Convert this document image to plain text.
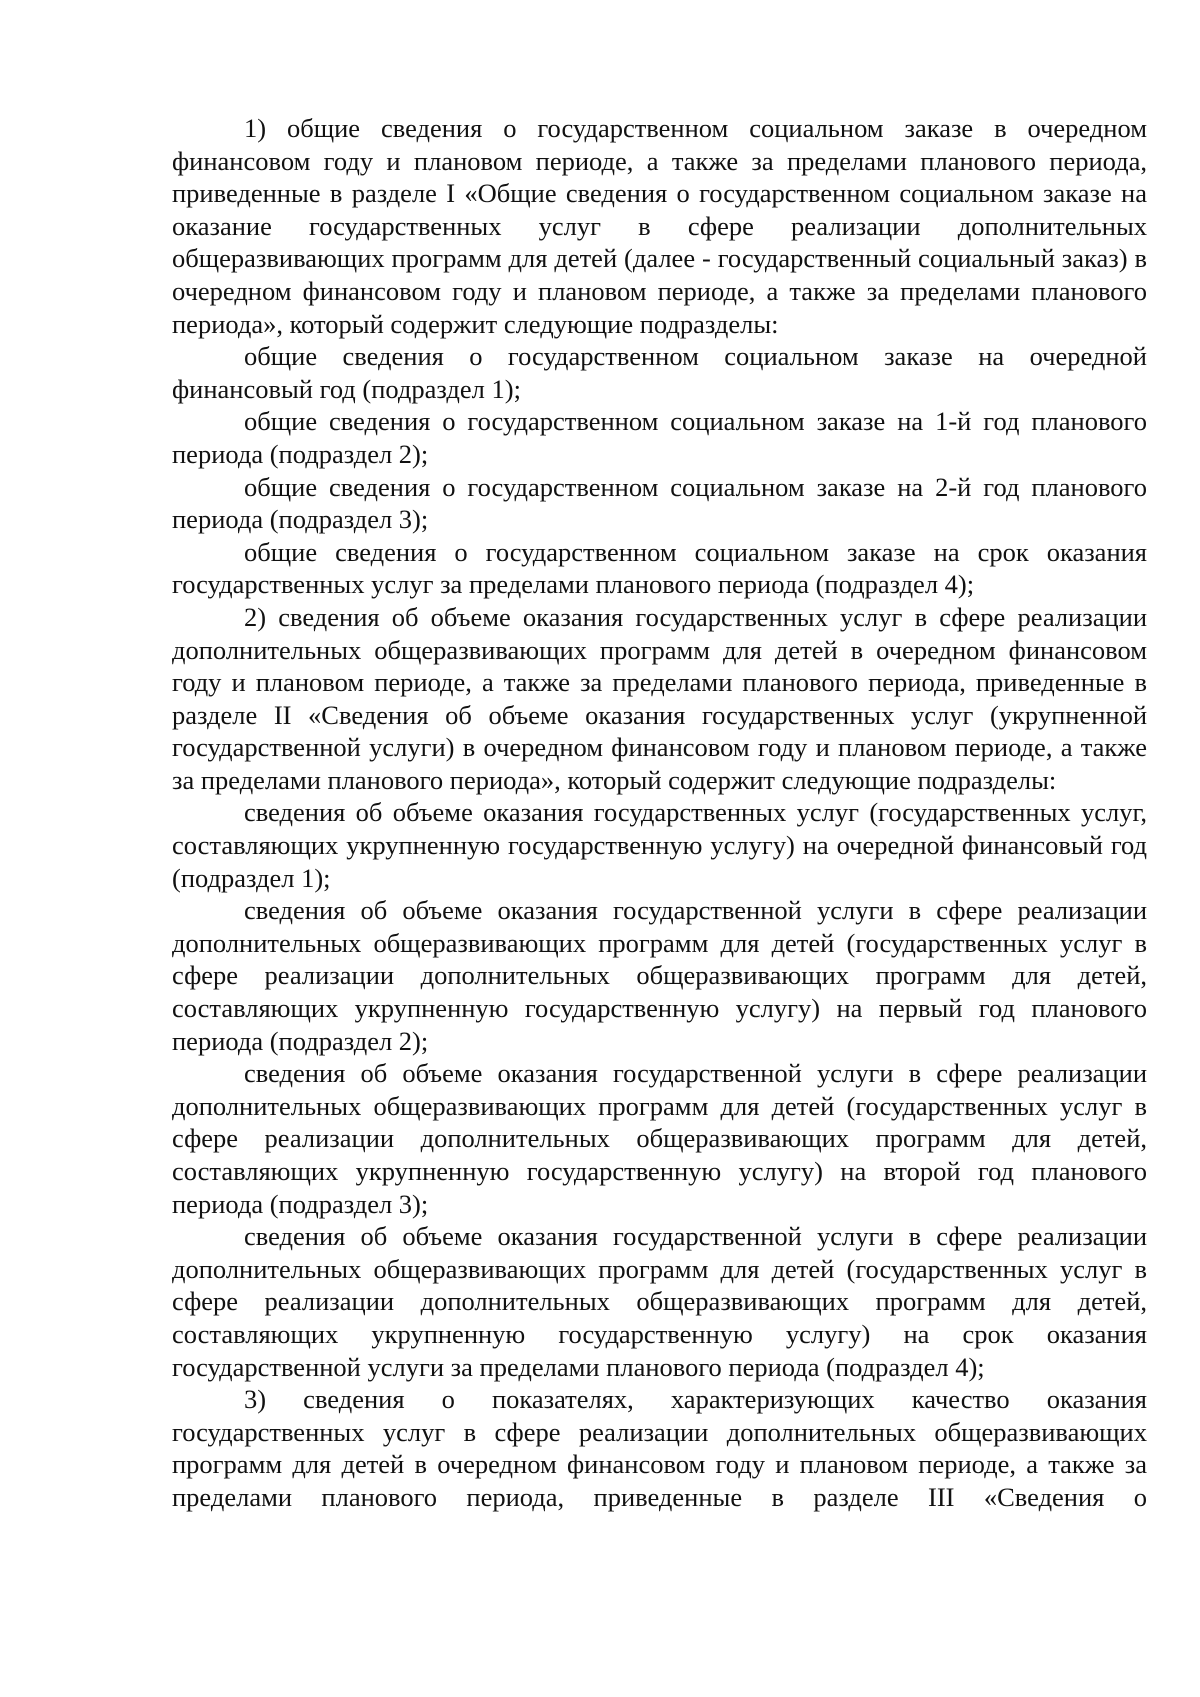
1) общие сведения о государственном социальном заказе в очередном финансовом году и плановом периоде, а также за пределами планового периода, приведенные в разделе I «Общие сведения о государственном социальном заказе на оказание государственных услуг в сфере реализации дополнительных общеразвивающих программ для детей (далее - государственный социальный заказ) в очередном финансовом году и плановом периоде, а также за пределами планового периода», который содержит следующие подразделы:

общие сведения о государственном социальном заказе на очередной финансовый год (подраздел 1);

общие сведения о государственном социальном заказе на 1-й год планового периода (подраздел 2);

общие сведения о государственном социальном заказе на 2-й год планового периода (подраздел 3);

общие сведения о государственном социальном заказе на срок оказания государственных услуг за пределами планового периода (подраздел 4);

2) сведения об объеме оказания государственных услуг в сфере реализации дополнительных общеразвивающих программ для детей в очередном финансовом году и плановом периоде, а также за пределами планового периода, приведенные в разделе II «Сведения об объеме оказания государственных услуг (укрупненной государственной услуги) в очередном финансовом году и плановом периоде, а также за пределами планового периода», который содержит следующие подразделы:

сведения об объеме оказания государственных услуг (государственных услуг, составляющих укрупненную государственную услугу) на очередной финансовый год (подраздел 1);

сведения об объеме оказания государственной услуги в сфере реализации дополнительных общеразвивающих программ для детей (государственных услуг в сфере реализации дополнительных общеразвивающих программ для детей, составляющих укрупненную государственную услугу) на первый год планового периода (подраздел 2);

сведения об объеме оказания государственной услуги в сфере реализации дополнительных общеразвивающих программ для детей (государственных услуг в сфере реализации дополнительных общеразвивающих программ для детей, составляющих укрупненную государственную услугу) на второй год планового периода (подраздел 3);

сведения об объеме оказания государственной услуги в сфере реализации дополнительных общеразвивающих программ для детей (государственных услуг в сфере реализации дополнительных общеразвивающих программ для детей, составляющих укрупненную государственную услугу) на срок оказания государственной услуги за пределами планового периода (подраздел 4);

3) сведения о показателях, характеризующих качество оказания государственных услуг в сфере реализации дополнительных общеразвивающих программ для детей в очередном финансовом году и плановом периоде, а также за пределами планового периода, приведенные в разделе III «Сведения о
